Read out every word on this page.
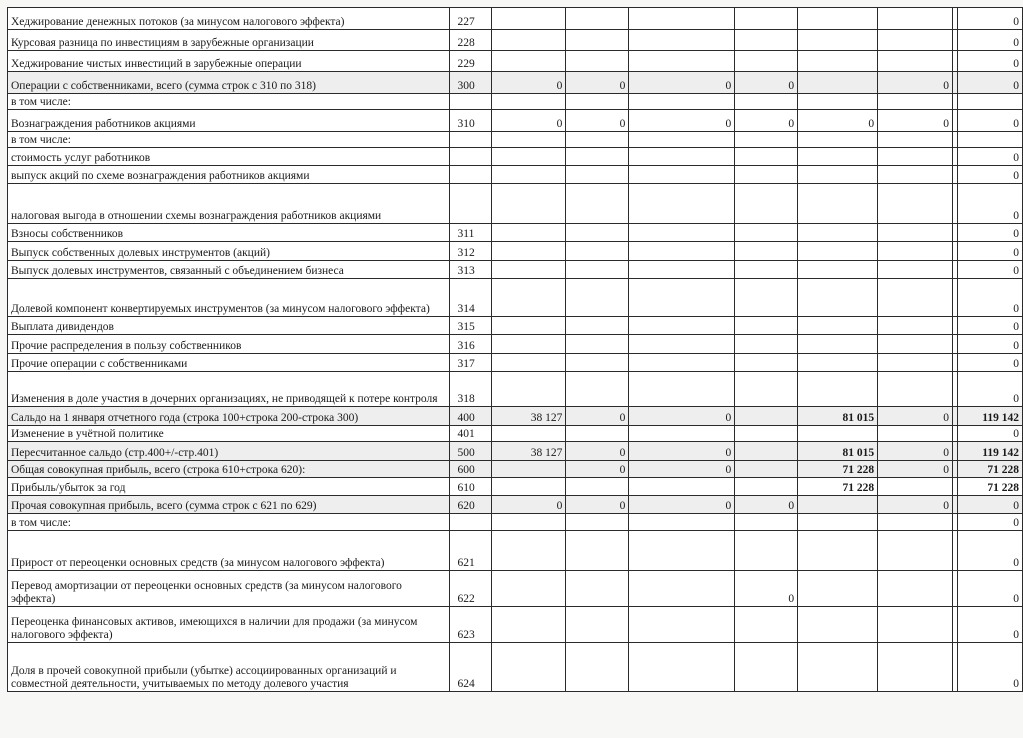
Хеджирование денежных потоков (за минусом налогового эффекта)	227								0
Курсовая разница по инвестициям в зарубежные организации	228								0
Хеджирование чистых инвестиций в зарубежные операции	229								0
Операции с собственниками, всего (сумма строк с 310 по 318)	300	0	0	0	0		0		0
в том числе:									
Вознаграждения работников акциями	310	0	0	0	0	0	0		0
в том числе:									
стоимость услуг работников									0
выпуск акций по схеме вознаграждения работников акциями									0
налоговая выгода в отношении схемы вознаграждения работников акциями									0
Взносы собственников	311								0
Выпуск собственных долевых инструментов (акций)	312								0
Выпуск долевых инструментов, связанный с объединением бизнеса	313								0
Долевой компонент конвертируемых инструментов (за минусом налогового эффекта)	314								0
Выплата дивидендов	315								0
Прочие распределения в пользу собственников	316								0
Прочие операции с собственниками	317								0
Изменения в доле участия в дочерних организациях, не приводящей к потере контроля	318								0
Сальдо на 1 января отчетного года (строка 100+строка 200-строка 300)	400	38 127	0	0		81 015	0		119 142
Изменение в учётной политике	401								0
Пересчитанное сальдо (стр.400+/-стр.401)	500	38 127	0	0		81 015	0		119 142
Общая совокупная прибыль, всего (строка 610+строка 620):	600		0	0		71 228	0		71 228
Прибыль/убыток за год	610					71 228			71 228
Прочая совокупная прибыль, всего (сумма строк с 621 по 629)	620	0	0	0	0		0		0
в том числе:									0
Прирост от переоценки основных средств (за минусом налогового эффекта)	621								0
Перевод амортизации от переоценки основных средств (за минусом налогового эффекта)	622				0				0
Переоценка финансовых активов, имеющихся в наличии для продажи (за минусом налогового эффекта)	623								0
Доля в прочей совокупной прибыли (убытке) ассоциированных организаций и совместной деятельности, учитываемых по методу долевого участия	624								0
